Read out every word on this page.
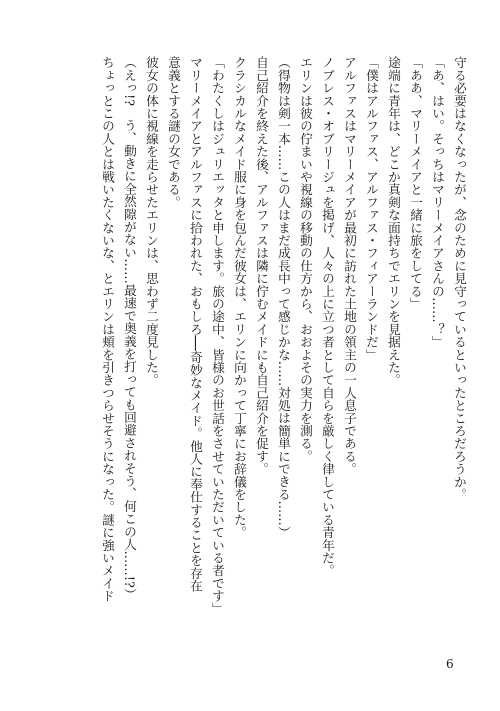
守る必要はなくなったが、念のために見守っているといったところだろうか。

「あ、はい。そっちはマリーメイアさんの……？」

「ああ、マリーメイアと一緒に旅をしてる」

途端に青年は、どこか真剣な面持ちでエリンを見据えた。

「僕はアルファス、アルファス・フィアーランドだ」

アルファスはマリーメイアが最初に訪れた土地の領主の一人息子である。

ノブレス・オブリージュを掲げ、人々の上に立つ者として自らを厳しく律している青年だ。

エリンは彼の佇まいや視線の移動の仕方から、おおよその実力を測る。

（得物は剣一本……この人はまだ成長中って感じかな……対処は簡単にできる……）

自己紹介を終えた後、アルファスは隣に佇むメイドにも自己紹介を促す。

クラシカルなメイド服に身を包んだ彼女は、エリンに向かって丁寧にお辞儀をした。

「わたくしはジュリエッタと申します。旅の途中、皆様のお世話をさせていただいている者です」

マリーメイアとアルファスに拾われた、おもしろ──奇妙なメイド。他人に奉仕することを存在

意義とする謎の女である。

彼女の体に視線を走らせたエリンは、思わず二度見した。

（えっ!?　う、動きに全然隙がない……最速で奥義を打っても回避されそう、何この人……!?）

ちょっとこの人とは戦いたくないな、とエリンは頬を引きつらせそうになった。謎に強いメイド

6
